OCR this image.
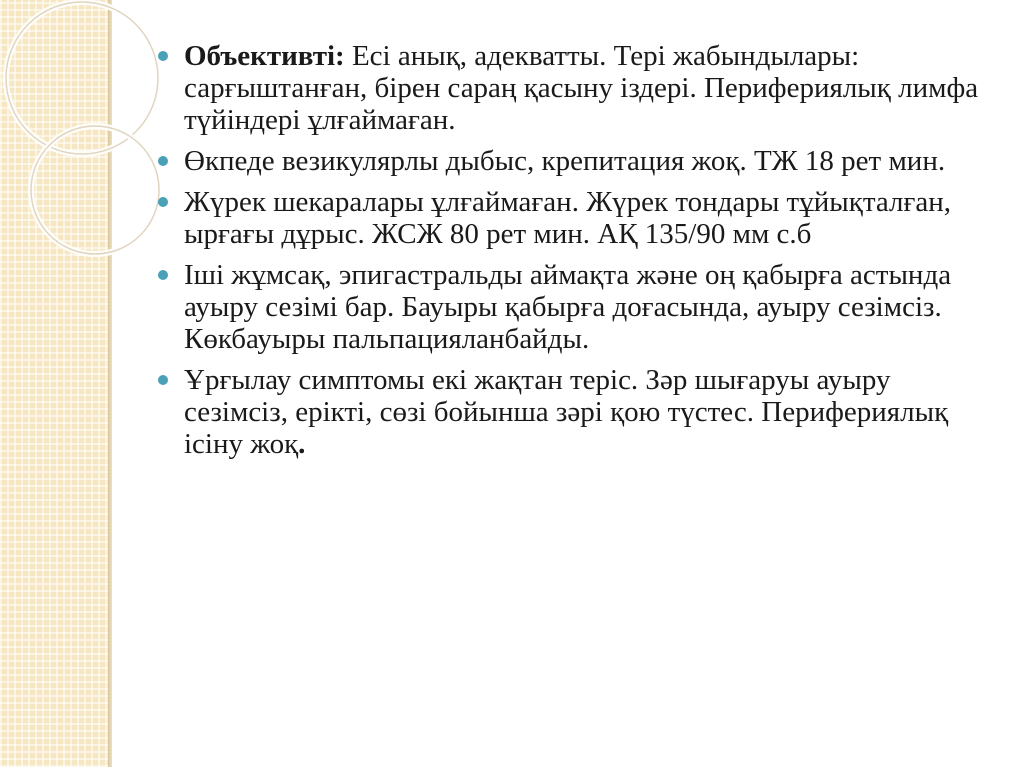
Объективті: Есі анық, адекватты. Тері жабындылары: сарғыштанған, бірен сараң қасыну іздері. Перифериялық лимфа түйіндері ұлғаймаған.
Өкпеде везикулярлы дыбыс, крепитация жоқ. ТЖ 18 рет мин.
Жүрек шекаралары ұлғаймаған. Жүрек тондары тұйықталған, ырғағы дұрыс. ЖСЖ 80 рет мин. АҚ 135/90 мм с.б
Іші жұмсақ, эпигастральды аймақта және оң қабырға астында ауыру сезімі бар. Бауыры қабырға доғасында, ауыру сезімсіз. Көкбауыры пальпацияланбайды.
Ұрғылау симптомы екі жақтан теріс. Зәр шығаруы ауыру сезімсіз, ерікті, сөзі бойынша зәрі қою түстес. Перифериялық ісіну жоқ.
